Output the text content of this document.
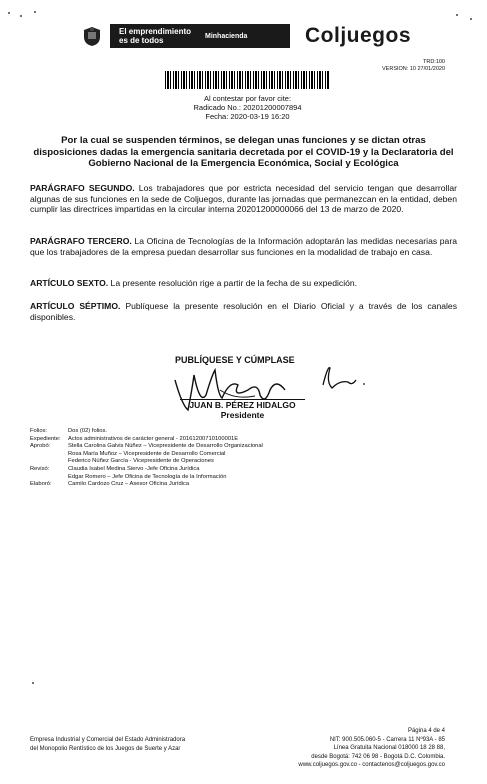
El emprendimiento
es de todos	Minhacienda	Coljuegos
TRD:100
VERSION: 10 27/01/2020
Al contestar por favor cite:
Radicado No.: 20201200007894
Fecha: 2020-03-19 16:20
Por la cual se suspenden términos, se delegan unas funciones y se dictan otras disposiciones dadas la emergencia sanitaria decretada por el COVID-19 y la Declaratoria del Gobierno Nacional de la Emergencia Económica, Social y Ecológica
PARÁGRAFO SEGUNDO. Los trabajadores que por estricta necesidad del servicio tengan que desarrollar algunas de sus funciones en la sede de Coljuegos, durante las jornadas que permanezcan en la entidad, deben cumplir las directrices impartidas en la circular interna 20201200000066 del 13 de marzo de 2020.
PARÁGRAFO TERCERO. La Oficina de Tecnologías de la Información adoptarán las medidas necesarias para que los trabajadores de la empresa puedan desarrollar sus funciones en la modalidad de trabajo en casa.
ARTÍCULO SEXTO. La presente resolución rige a partir de la fecha de su expedición.
ARTÍCULO SÉPTIMO. Publíquese la presente resolución en el Diario Oficial y a través de los canales disponibles.
PUBLÍQUESE Y CÚMPLASE
JUAN B. PÉREZ HIDALGO
Presidente
Folios:	Dos (02) folios.
Expediente: Actos administrativos de carácter general - 20161200710100001E
Aprobó:	Stella Carolina Galvis Núñez – Vicepresidente de Desarrollo Organizacional
Rosa María Muñoz – Vicepresidente de Desarrollo Comercial
Federico Núñez García - Vicepresidente de Operaciones
Revisó:	Claudia Isabel Medina Siervo -Jefe Oficina Jurídica
Edgar Romero – Jefe Oficina de Tecnología de la Información
Elaboró:	Camilo Cardozo Cruz – Asesor Oficina Jurídica
Empresa Industrial y Comercial del Estado Administradora
del Monopolio Rentístico de los Juegos de Suerte y Azar
Página 4 de 4
NIT: 900.505.060-5 - Carrera 11 Nº93A - 85
Línea Gratuita Nacional 018000 18 28 88,
desde Bogotá: 742 06 98 - Bogotá D.C. Colombia.
www.coljuegos.gov.co - contactenos@coljuegos.gov.co
